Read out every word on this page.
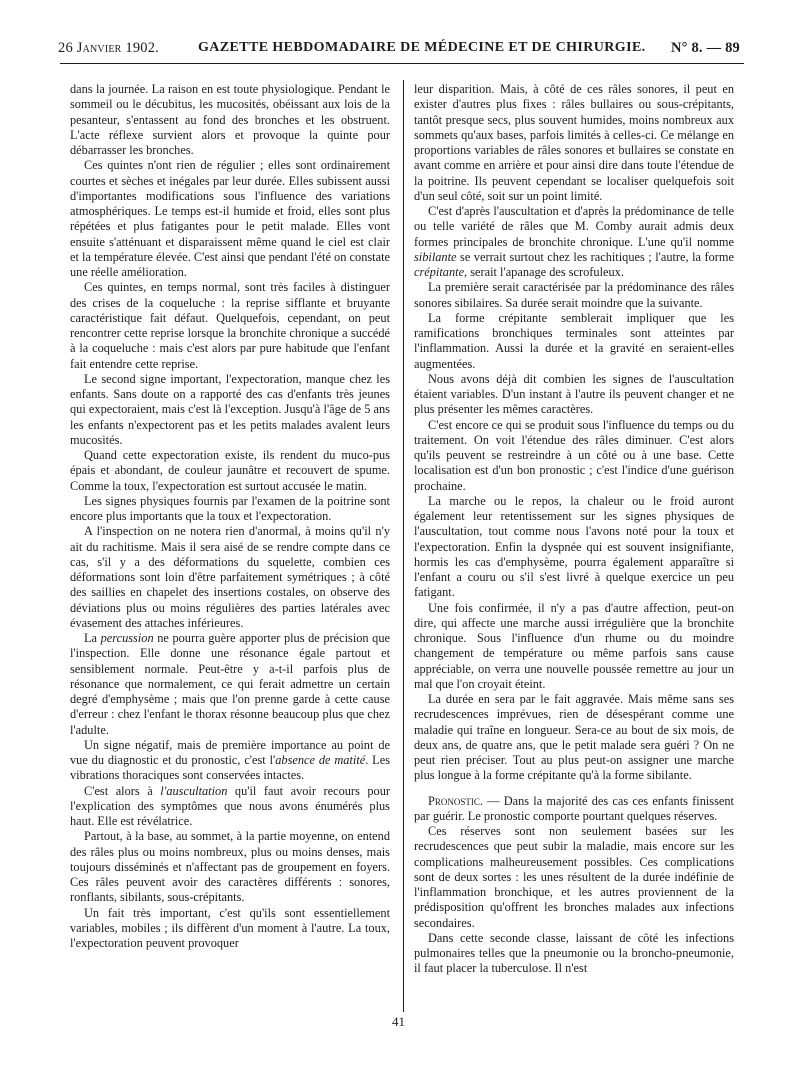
26 Janvier 1902.	GAZETTE HEBDOMADAIRE DE MÉDECINE ET DE CHIRURGIE. N° 8. — 89

dans la journée. La raison en est toute physiologique. Pendant le sommeil ou le décubitus, les mucosités, obéissant aux lois de la pesanteur, s'entassent au fond des bronches et les obstruent. L'acte réflexe survient alors et provoque la quinte pour débarrasser les bronches.

Ces quintes n'ont rien de régulier ; elles sont ordinairement courtes et sèches et inégales par leur durée. Elles subissent aussi d'importantes modifications sous l'influence des variations atmosphériques. Le temps est-il humide et froid, elles sont plus répétées et plus fatigantes pour le petit malade. Elles vont ensuite s'atténuant et disparaissent même quand le ciel est clair et la température élevée. C'est ainsi que pendant l'été on constate une réelle amélioration.

Ces quintes, en temps normal, sont très faciles à distinguer des crises de la coqueluche : la reprise sifflante et bruyante caractéristique fait défaut. Quelquefois, cependant, on peut rencontrer cette reprise lorsque la bronchite chronique a succédé à la coqueluche : mais c'est alors par pure habitude que l'enfant fait entendre cette reprise.

Le second signe important, l'expectoration, manque chez les enfants. Sans doute on a rapporté des cas d'enfants très jeunes qui expectoraient, mais c'est là l'exception. Jusqu'à l'âge de 5 ans les enfants n'expectorent pas et les petits malades avalent leurs mucosités.

Quand cette expectoration existe, ils rendent du muco-pus épais et abondant, de couleur jaunâtre et recouvert de spume. Comme la toux, l'expectoration est surtout accusée le matin.

Les signes physiques fournis par l'examen de la poitrine sont encore plus importants que la toux et l'expectoration.

A l'inspection on ne notera rien d'anormal, à moins qu'il n'y ait du rachitisme. Mais il sera aisé de se rendre compte dans ce cas, s'il y a des déformations du squelette, combien ces déformations sont loin d'être parfaitement symétriques ; à côté des saillies en chapelet des insertions costales, on observe des déviations plus ou moins régulières des parties latérales avec évasement des attaches inférieures.

La percussion ne pourra guère apporter plus de précision que l'inspection. Elle donne une résonance égale partout et sensiblement normale. Peut-être y a-t-il parfois plus de résonance que normalement, ce qui ferait admettre un certain degré d'emphysème ; mais que l'on prenne garde à cette cause d'erreur : chez l'enfant le thorax résonne beaucoup plus que chez l'adulte.

Un signe négatif, mais de première importance au point de vue du diagnostic et du pronostic, c'est l'absence de matité. Les vibrations thoraciques sont conservées intactes.

C'est alors à l'auscultation qu'il faut avoir recours pour l'explication des symptômes que nous avons énumérés plus haut. Elle est révélatrice.

Partout, à la base, au sommet, à la partie moyenne, on entend des râles plus ou moins nombreux, plus ou moins denses, mais toujours disséminés et n'affectant pas de groupement en foyers. Ces râles peuvent avoir des caractères différents : sonores, ronflants, sibilants, sous-crépitants.

Un fait très important, c'est qu'ils sont essentiellement variables, mobiles ; ils diffèrent d'un moment à l'autre. La toux, l'expectoration peuvent provoquer

leur disparition. Mais, à côté de ces râles sonores, il peut en exister d'autres plus fixes : râles bullaires ou sous-crépitants, tantôt presque secs, plus souvent humides, moins nombreux aux sommets qu'aux bases, parfois limités à celles-ci. Ce mélange en proportions variables de râles sonores et bullaires se constate en avant comme en arrière et pour ainsi dire dans toute l'étendue de la poitrine. Ils peuvent cependant se localiser quelquefois soit d'un seul côté, soit sur un point limité.

C'est d'après l'auscultation et d'après la prédominance de telle ou telle variété de râles que M. Comby aurait admis deux formes principales de bronchite chronique. L'une qu'il nomme sibilante se verrait surtout chez les rachitiques ; l'autre, la forme crépitante, serait l'apanage des scrofuleux.

La première serait caractérisée par la prédominance des râles sonores sibilaires. Sa durée serait moindre que la suivante.

La forme crépitante semblerait impliquer que les ramifications bronchiques terminales sont atteintes par l'inflammation. Aussi la durée et la gravité en seraient-elles augmentées.

Nous avons déjà dit combien les signes de l'auscultation étaient variables. D'un instant à l'autre ils peuvent changer et ne plus présenter les mêmes caractères.

C'est encore ce qui se produit sous l'influence du temps ou du traitement. On voit l'étendue des râles diminuer. C'est alors qu'ils peuvent se restreindre à un côté ou à une base. Cette localisation est d'un bon pronostic ; c'est l'indice d'une guérison prochaine.

La marche ou le repos, la chaleur ou le froid auront également leur retentissement sur les signes physiques de l'auscultation, tout comme nous l'avons noté pour la toux et l'expectoration. Enfin la dyspnée qui est souvent insignifiante, hormis les cas d'emphysème, pourra également apparaître si l'enfant a couru ou s'il s'est livré à quelque exercice un peu fatigant.

Une fois confirmée, il n'y a pas d'autre affection, peut-on dire, qui affecte une marche aussi irrégulière que la bronchite chronique. Sous l'influence d'un rhume ou du moindre changement de température ou même parfois sans cause appréciable, on verra une nouvelle poussée remettre au jour un mal que l'on croyait éteint.

La durée en sera par le fait aggravée. Mais même sans ses recrudescences imprévues, rien de désespérant comme une maladie qui traîne en longueur. Sera-ce au bout de six mois, de deux ans, de quatre ans, que le petit malade sera guéri ? On ne peut rien préciser. Tout au plus peut-on assigner une marche plus longue à la forme crépitante qu'à la forme sibilante.

Pronostic. — Dans la majorité des cas ces enfants finissent par guérir. Le pronostic comporte pourtant quelques réserves.

Ces réserves sont non seulement basées sur les recrudescences que peut subir la maladie, mais encore sur les complications malheureusement possibles. Ces complications sont de deux sortes : les unes résultent de la durée indéfinie de l'inflammation bronchique, et les autres proviennent de la prédisposition qu'offrent les bronches malades aux infections secondaires.

Dans cette seconde classe, laissant de côté les infections pulmonaires telles que la pneumonie ou la broncho-pneumonie, il faut placer la tuberculose. Il n'est

41
